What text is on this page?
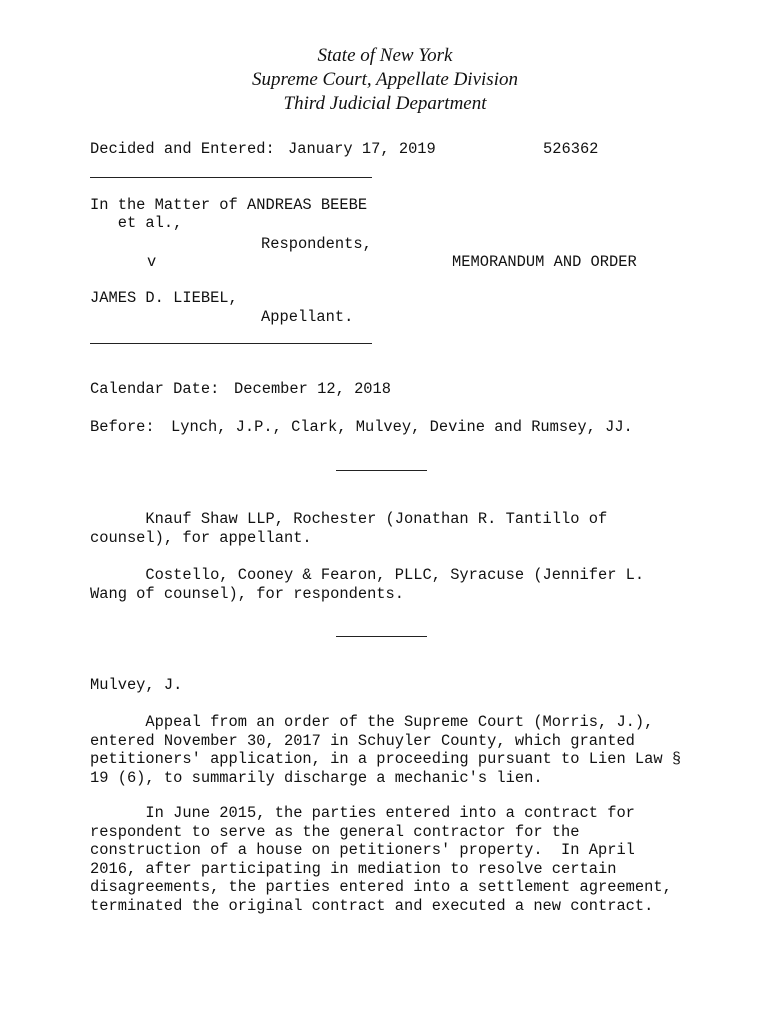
State of New York
Supreme Court, Appellate Division
Third Judicial Department
Decided and Entered: January 17, 2019	526362
In the Matter of ANDREAS BEEBE
et al.,
Respondents,
v	MEMORANDUM AND ORDER
JAMES D. LIEBEL,
Appellant.
Calendar Date: December 12, 2018
Before: Lynch, J.P., Clark, Mulvey, Devine and Rumsey, JJ.
Knauf Shaw LLP, Rochester (Jonathan R. Tantillo of
counsel), for appellant.
Costello, Cooney & Fearon, PLLC, Syracuse (Jennifer L.
Wang of counsel), for respondents.
Mulvey, J.
Appeal from an order of the Supreme Court (Morris, J.),
entered November 30, 2017 in Schuyler County, which granted
petitioners' application, in a proceeding pursuant to Lien Law §
19 (6), to summarily discharge a mechanic's lien.
In June 2015, the parties entered into a contract for
respondent to serve as the general contractor for the
construction of a house on petitioners' property.  In April
2016, after participating in mediation to resolve certain
disagreements, the parties entered into a settlement agreement,
terminated the original contract and executed a new contract.
